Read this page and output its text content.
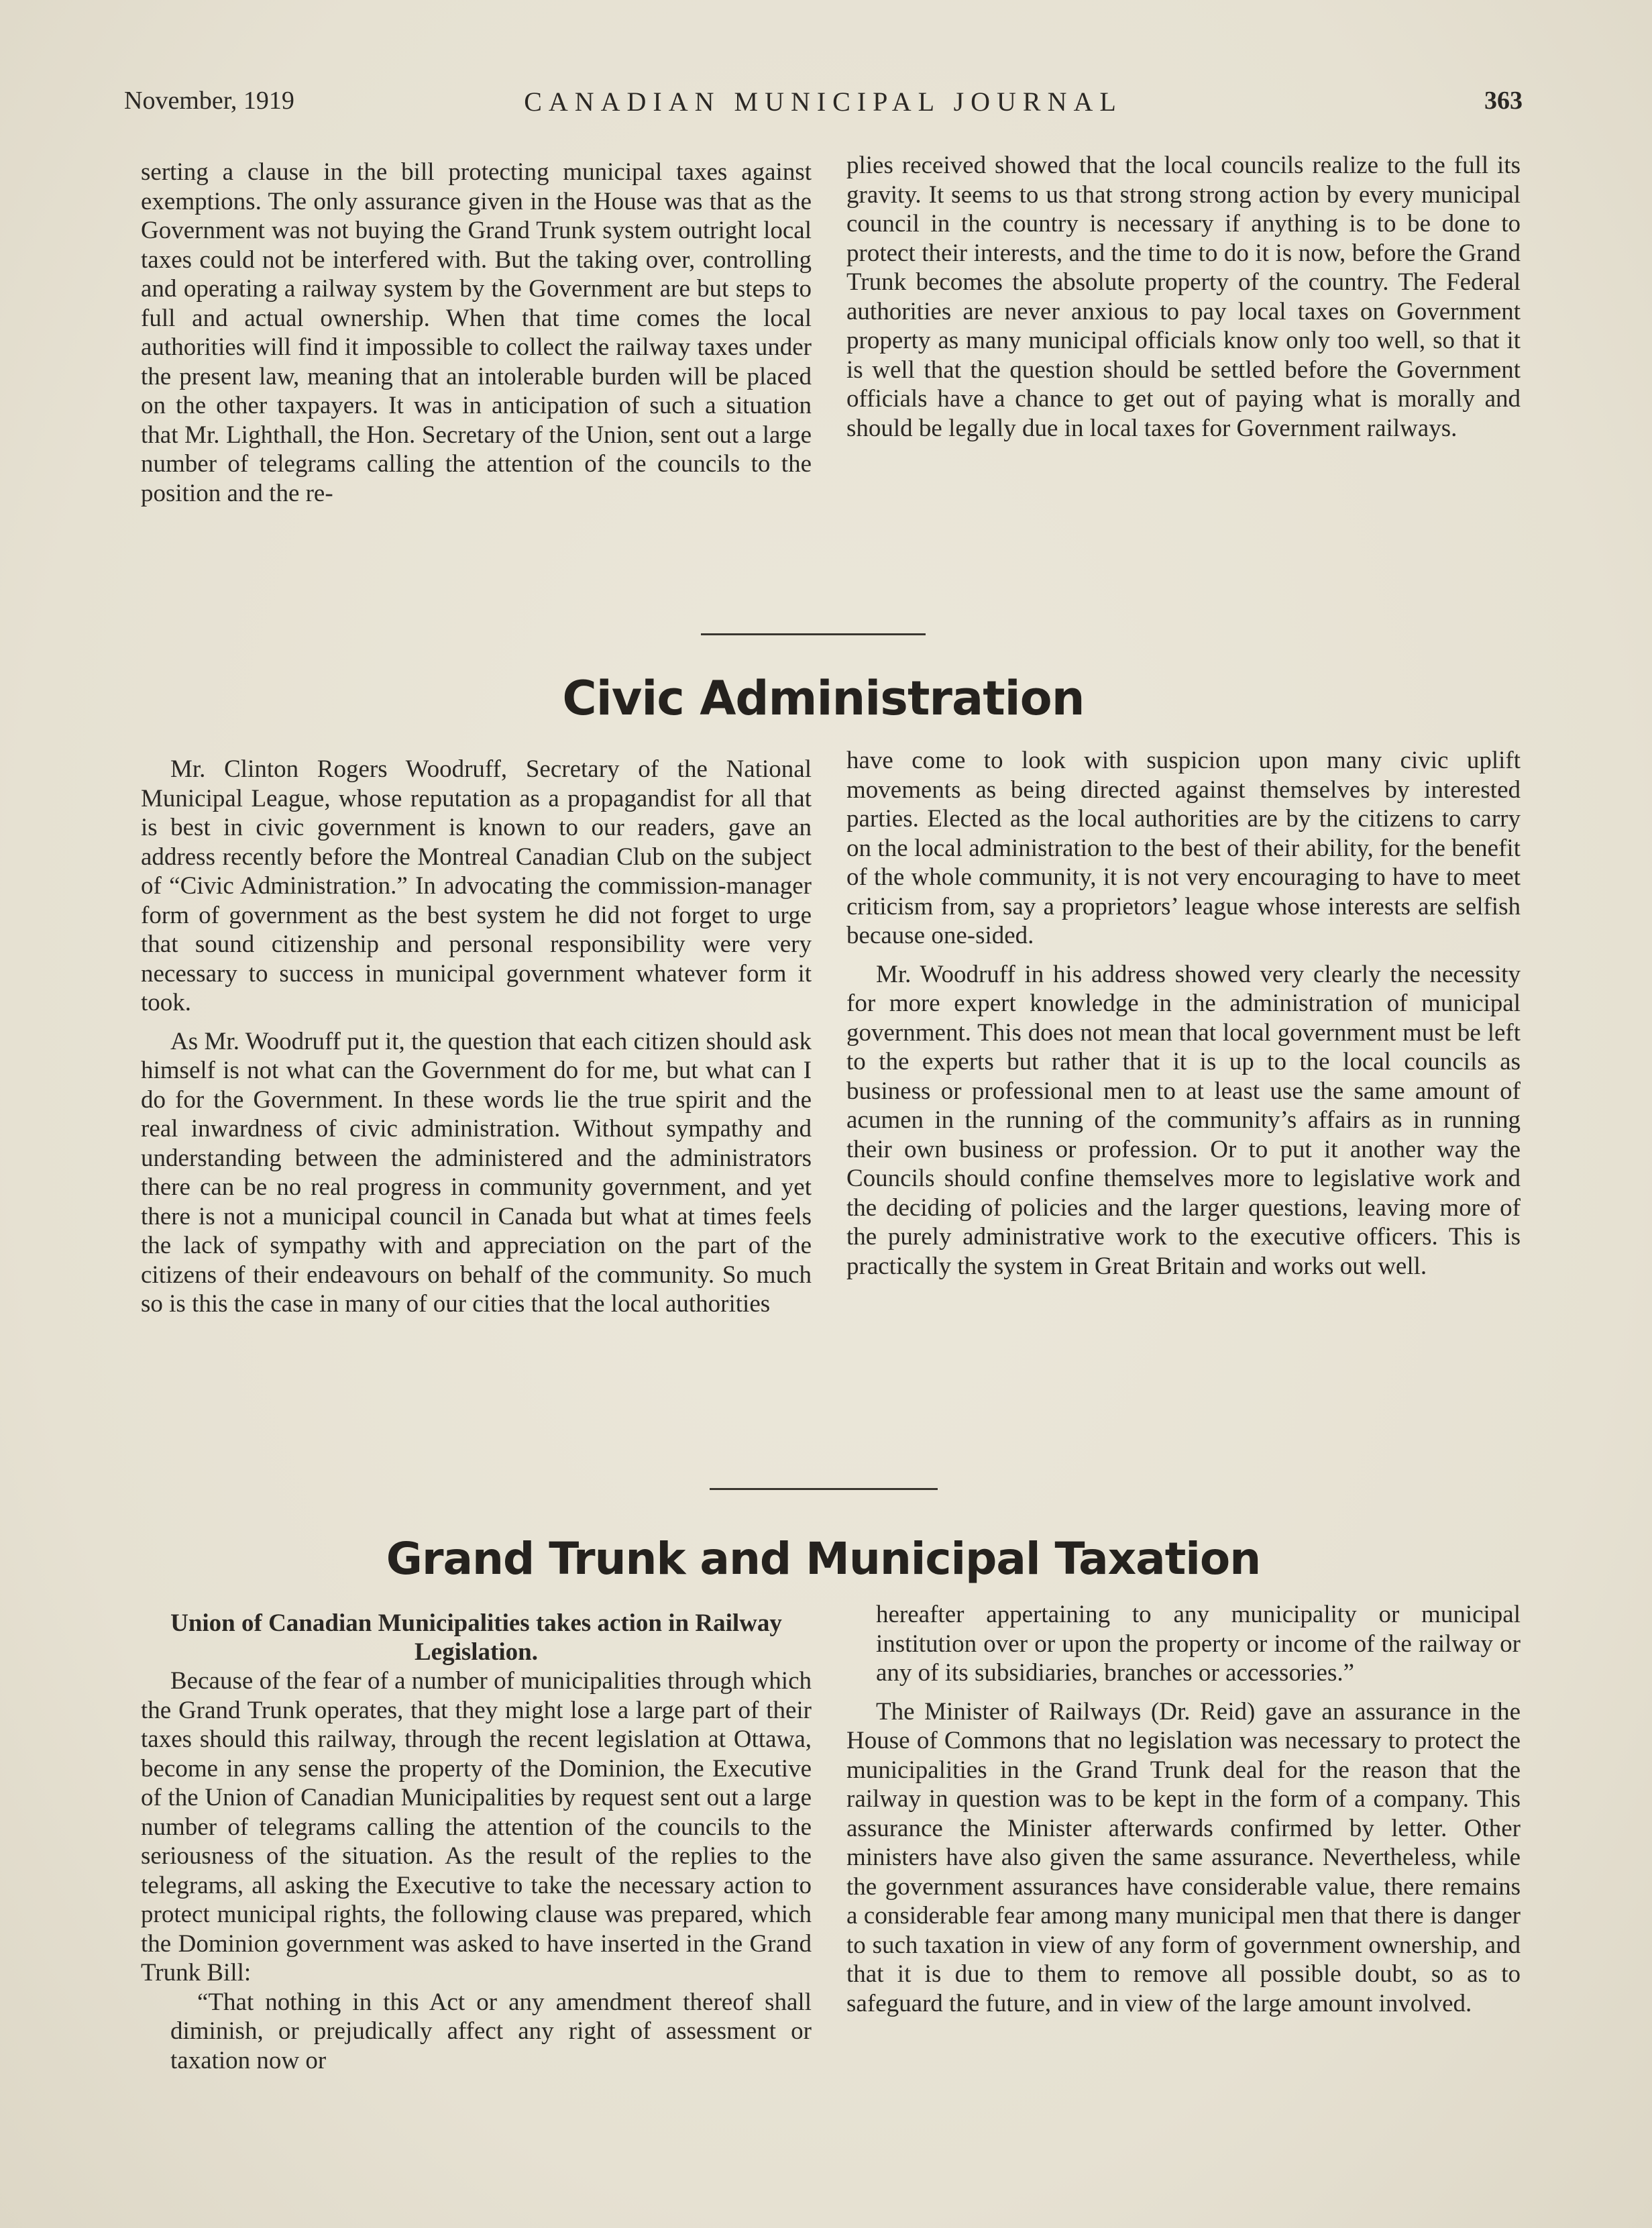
November, 1919	CANADIAN MUNICIPAL JOURNAL	363

serting a clause in the bill protecting municipal taxes against exemptions. The only assurance given in the House was that as the Government was not buying the Grand Trunk system outright local taxes could not be interfered with. But the taking over, controlling and operating a railway system by the Government are but steps to full and actual ownership. When that time comes the local authorities will find it impossible to collect the railway taxes under the present law, meaning that an intolerable burden will be placed on the other taxpayers. It was in anticipation of such a situation that Mr. Lighthall, the Hon. Secretary of the Union, sent out a large number of telegrams calling the attention of the councils to the position and the re-

plies received showed that the local councils realize to the full its gravity. It seems to us that strong strong action by every municipal council in the country is necessary if anything is to be done to protect their interests, and the time to do it is now, before the Grand Trunk becomes the absolute property of the country. The Federal authorities are never anxious to pay local taxes on Government property as many municipal officials know only too well, so that it is well that the question should be settled before the Government officials have a chance to get out of paying what is morally and should be legally due in local taxes for Government railways.

Civic Administration

Mr. Clinton Rogers Woodruff, Secretary of the National Municipal League, whose reputation as a propagandist for all that is best in civic government is known to our readers, gave an address recently before the Montreal Canadian Club on the subject of “Civic Administration.” In advocating the commission-manager form of government as the best system he did not forget to urge that sound citizenship and personal responsibility were very necessary to success in municipal government whatever form it took.

As Mr. Woodruff put it, the question that each citizen should ask himself is not what can the Government do for me, but what can I do for the Government. In these words lie the true spirit and the real inwardness of civic administration. Without sympathy and understanding between the administered and the administrators there can be no real progress in community government, and yet there is not a municipal council in Canada but what at times feels the lack of sympathy with and appreciation on the part of the citizens of their endeavours on behalf of the community. So much so is this the case in many of our cities that the local authorities

have come to look with suspicion upon many civic uplift movements as being directed against themselves by interested parties. Elected as the local authorities are by the citizens to carry on the local administration to the best of their ability, for the benefit of the whole community, it is not very encouraging to have to meet criticism from, say a proprietors’ league whose interests are selfish because one-sided.

Mr. Woodruff in his address showed very clearly the necessity for more expert knowledge in the administration of municipal government. This does not mean that local government must be left to the experts but rather that it is up to the local councils as business or professional men to at least use the same amount of acumen in the running of the community’s affairs as in running their own business or profession. Or to put it another way the Councils should confine themselves more to legislative work and the deciding of policies and the larger questions, leaving more of the purely administrative work to the executive officers. This is practically the system in Great Britain and works out well.

Grand Trunk and Municipal Taxation

Union of Canadian Municipalities takes action in Railway Legislation.

Because of the fear of a number of municipalities through which the Grand Trunk operates, that they might lose a large part of their taxes should this railway, through the recent legislation at Ottawa, become in any sense the property of the Dominion, the Executive of the Union of Canadian Municipalities by request sent out a large number of telegrams calling the attention of the councils to the seriousness of the situation. As the result of the replies to the telegrams, all asking the Executive to take the necessary action to protect municipal rights, the following clause was prepared, which the Dominion government was asked to have inserted in the Grand Trunk Bill:

“That nothing in this Act or any amendment thereof shall diminish, or prejudically affect any right of assessment or taxation now or

hereafter appertaining to any municipality or municipal institution over or upon the property or income of the railway or any of its subsidiaries, branches or accessories.”

The Minister of Railways (Dr. Reid) gave an assurance in the House of Commons that no legislation was necessary to protect the municipalities in the Grand Trunk deal for the reason that the railway in question was to be kept in the form of a company. This assurance the Minister afterwards confirmed by letter. Other ministers have also given the same assurance. Nevertheless, while the government assurances have considerable value, there remains a considerable fear among many municipal men that there is danger to such taxation in view of any form of government ownership, and that it is due to them to remove all possible doubt, so as to safeguard the future, and in view of the large amount involved.
